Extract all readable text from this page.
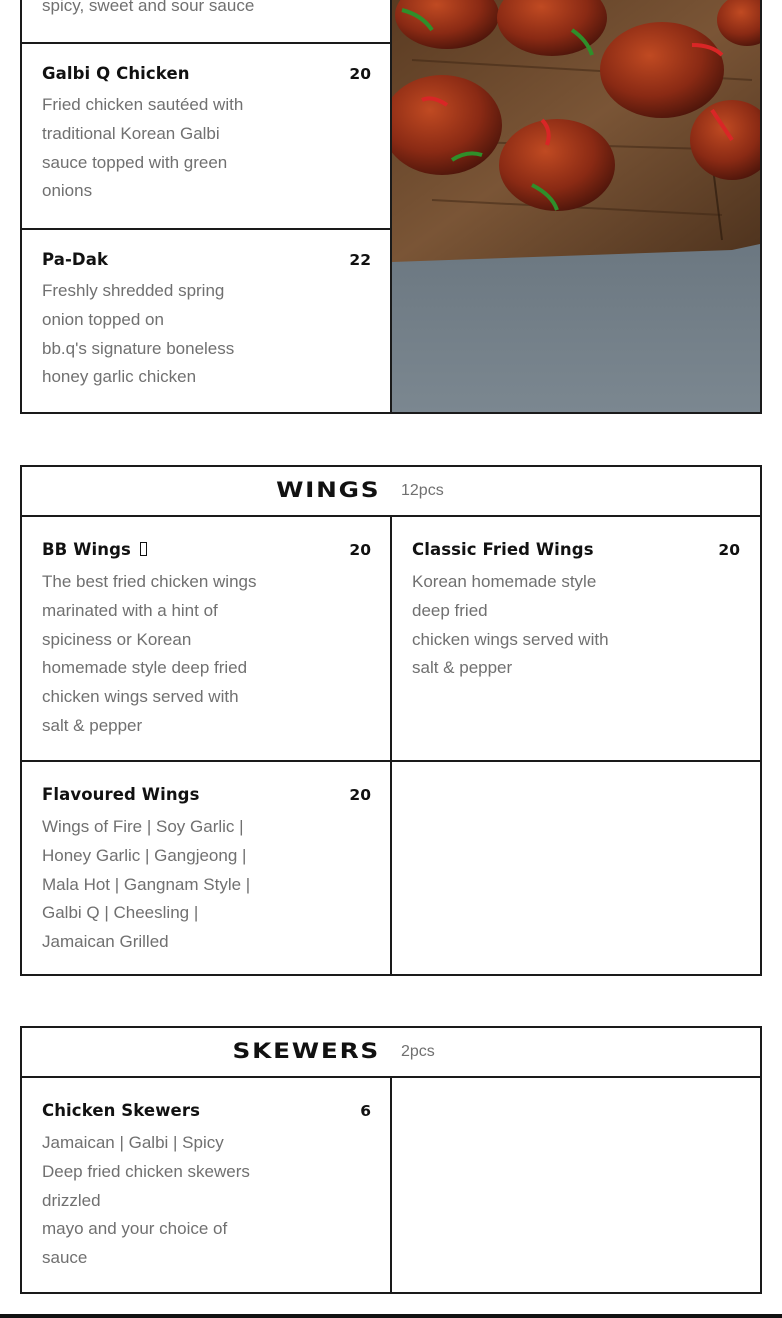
spicy, sweet and sour sauce
Galbi Q Chicken	20
Fried chicken sautéed with
traditional Korean Galbi
sauce topped with green
onions
Pa-Dak	22
Freshly shredded spring
onion topped on
bb.q's signature boneless
honey garlic chicken
WINGS 12pcs
BB Wings	20
The best fried chicken wings
marinated with a hint of
spiciness or Korean
homemade style deep fried
chicken wings served with
salt & pepper
Classic Fried Wings	20
Korean homemade style
deep fried
chicken wings served with
salt & pepper
Flavoured Wings	20
Wings of Fire | Soy Garlic |
Honey Garlic | Gangjeong |
Mala Hot | Gangnam Style |
Galbi Q | Cheesling |
Jamaican Grilled
SKEWERS 2pcs
Chicken Skewers	6
Jamaican | Galbi | Spicy
Deep fried chicken skewers
drizzled
mayo and your choice of
sauce
